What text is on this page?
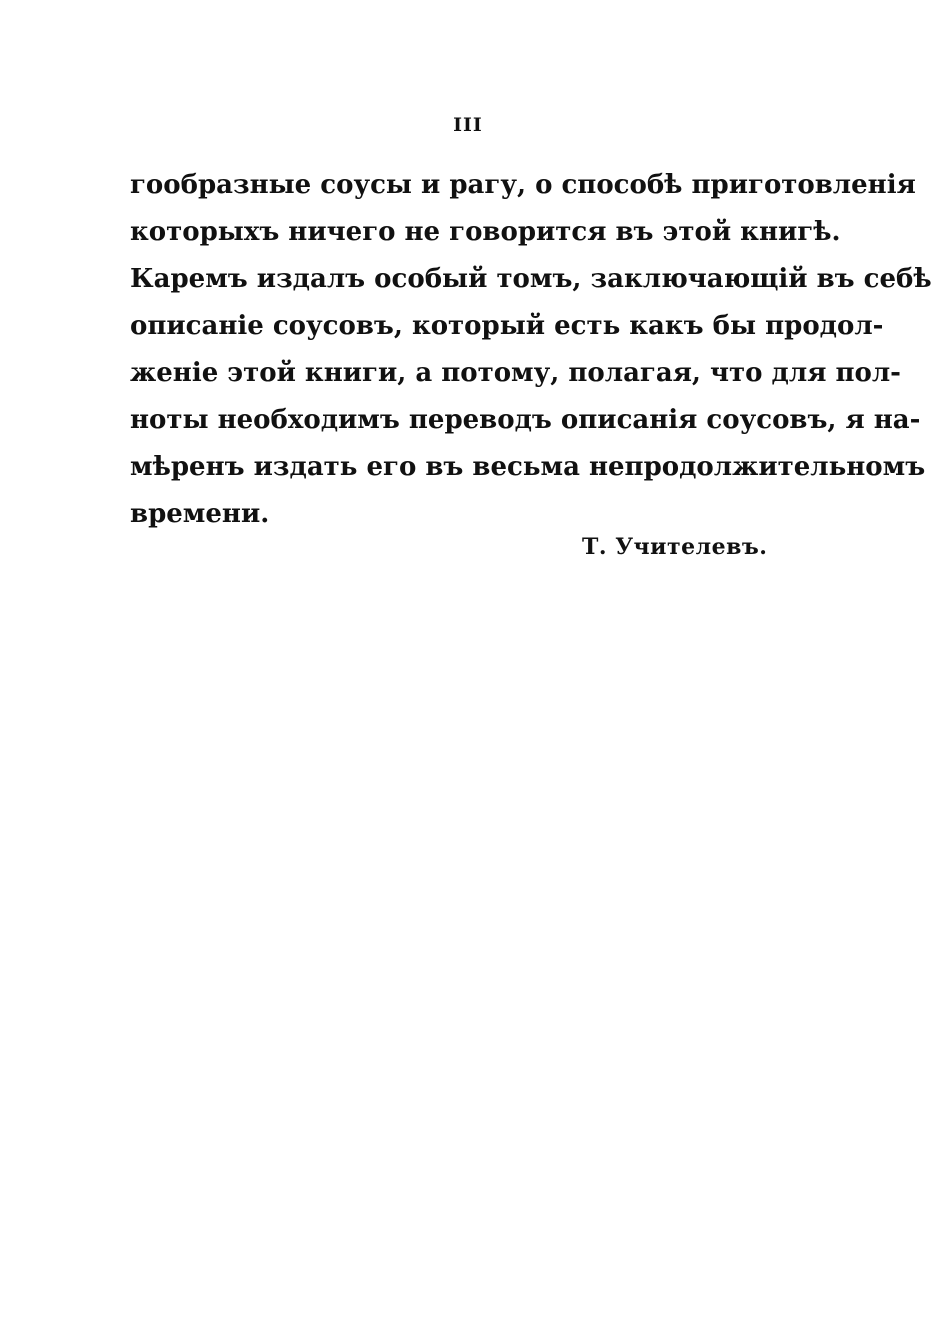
III
гообразные соусы и рагу, о способѣ приготовленія
которыхъ ничего не говорится въ этой книгѣ.
Каремъ издалъ особый томъ, заключающій въ себѣ
описаніе соусовъ, который есть какъ бы продол-
женіе этой книги, а потому, полагая, что для пол-
ноты необходимъ переводъ описанія соусовъ, я на-
мѣренъ издать его въ весьма непродолжительномъ
времени.
Т. Учителевъ.
